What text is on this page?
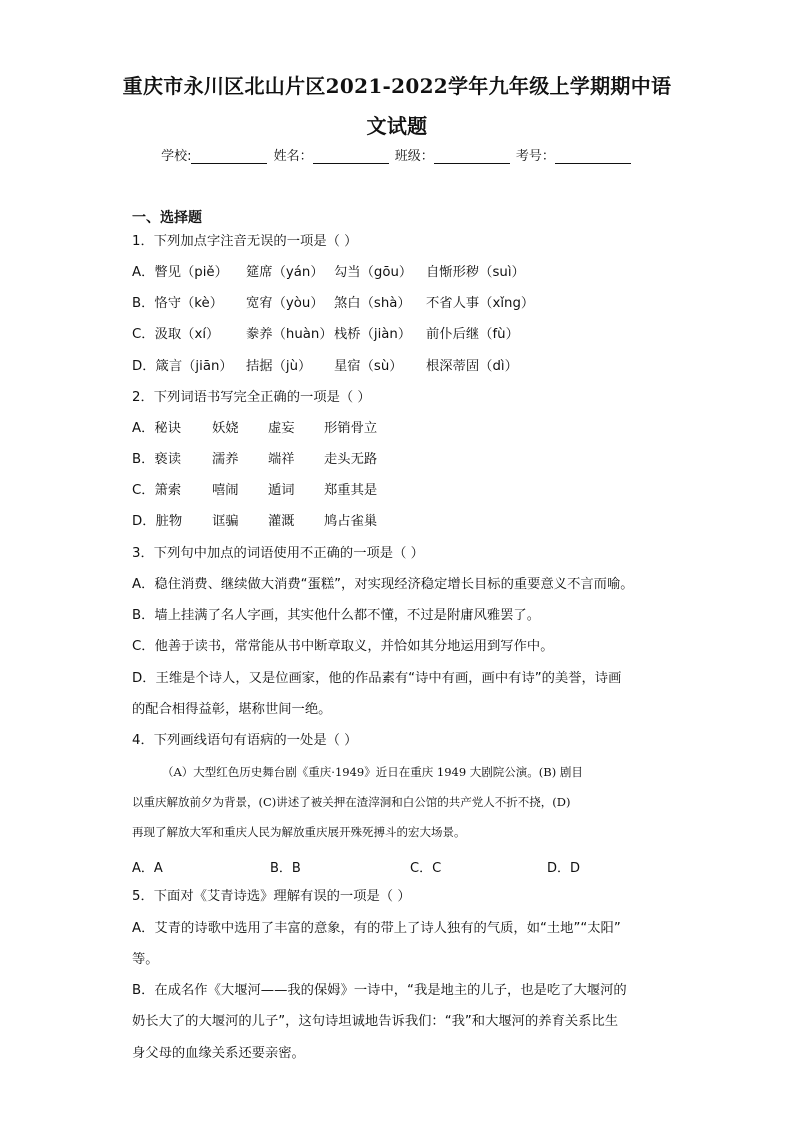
重庆市永川区北山片区2021-2022学年九年级上学期期中语
文试题
学校:	姓名：	班级：	考号：
一、选择题
1．下列加点字注音无误的一项是（ ）
A．瞥见（piě） 筵席（yán） 勾当（gōu） 自惭形秽（suì）
B．恪守（kè） 宽宥（yòu） 煞白（shà） 不省人事（xǐng）
C．汲取（xí） 豢养（huàn）栈桥（jiàn） 前仆后继（fù）
D．箴言（jiān） 拮据（jù） 星宿（sù） 根深蒂固（dì）
2．下列词语书写完全正确的一项是（ ）
A．秘诀 妖娆 虚妄 形销骨立
B．亵读 濡养 端祥 走头无路
C．箫索 嘻闹 遁词 郑重其是
D．脏物 诓骗 灌溉 鸠占雀巢
3．下列句中加点的词语使用不正确的一项是（ ）
A．稳住消费、继续做大消费“蛋糕”，对实现经济稳定增长目标的重要意义不言而喻。
B．墙上挂满了名人字画，其实他什么都不懂，不过是附庸风雅罢了。
C．他善于读书，常常能从书中断章取义，并恰如其分地运用到写作中。
D．王维是个诗人，又是位画家，他的作品素有“诗中有画，画中有诗”的美誉，诗画
的配合相得益彰，堪称世间一绝。
4．下列画线语句有语病的一处是（ ）
（A）大型红色历史舞台剧《重庆·1949》近日在重庆 1949 大剧院公演。(B) 剧目
以重庆解放前夕为背景，(C)讲述了被关押在渣滓洞和白公馆的共产党人不折不挠，(D)
再现了解放大军和重庆人民为解放重庆展开殊死搏斗的宏大场景。
A．A	B．B	C．C	D．D
5．下面对《艾青诗选》理解有误的一项是（ ）
A．艾青的诗歌中选用了丰富的意象，有的带上了诗人独有的气质，如“土地”“太阳”
等。
B．在成名作《大堰河——我的保姆》一诗中，“我是地主的儿子，也是吃了大堰河的
奶长大了的大堰河的儿子”，这句诗坦诚地告诉我们：“我”和大堰河的养育关系比生
身父母的血缘关系还要亲密。
